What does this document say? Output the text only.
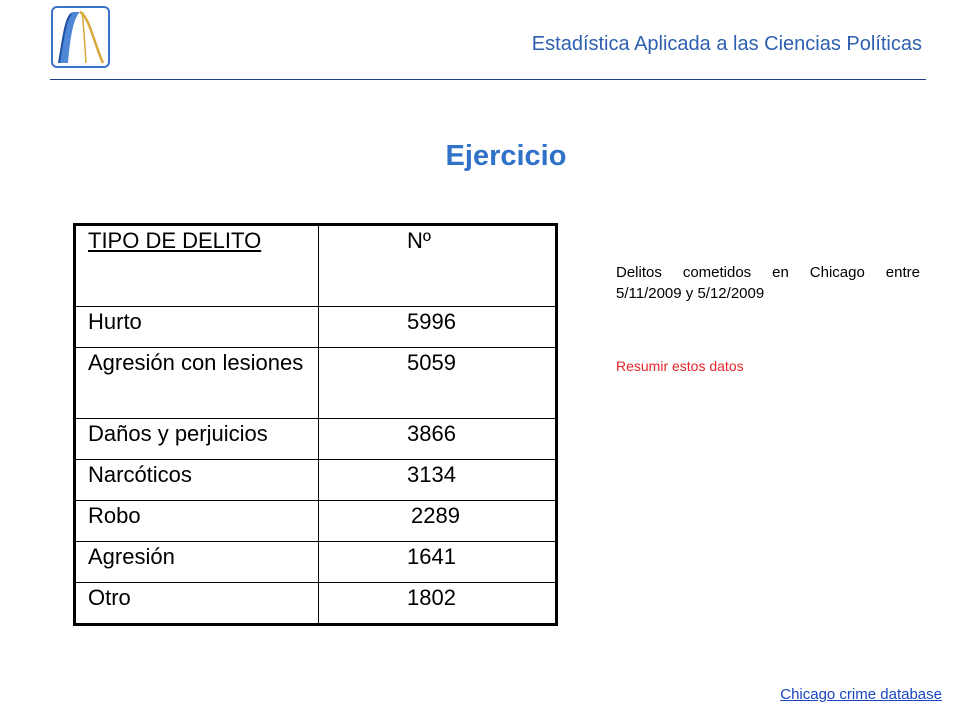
Estadística Aplicada a las Ciencias Políticas
Ejercicio
TIPO DE DELITO	Nº
Hurto	5996
Agresión con lesiones	5059
Daños y perjuicios	3866
Narcóticos	3134
Robo	2289
Agresión	1641
Otro	1802
Delitos cometidos en Chicago entre 5/11/2009 y 5/12/2009
Resumir estos datos
Chicago crime database
